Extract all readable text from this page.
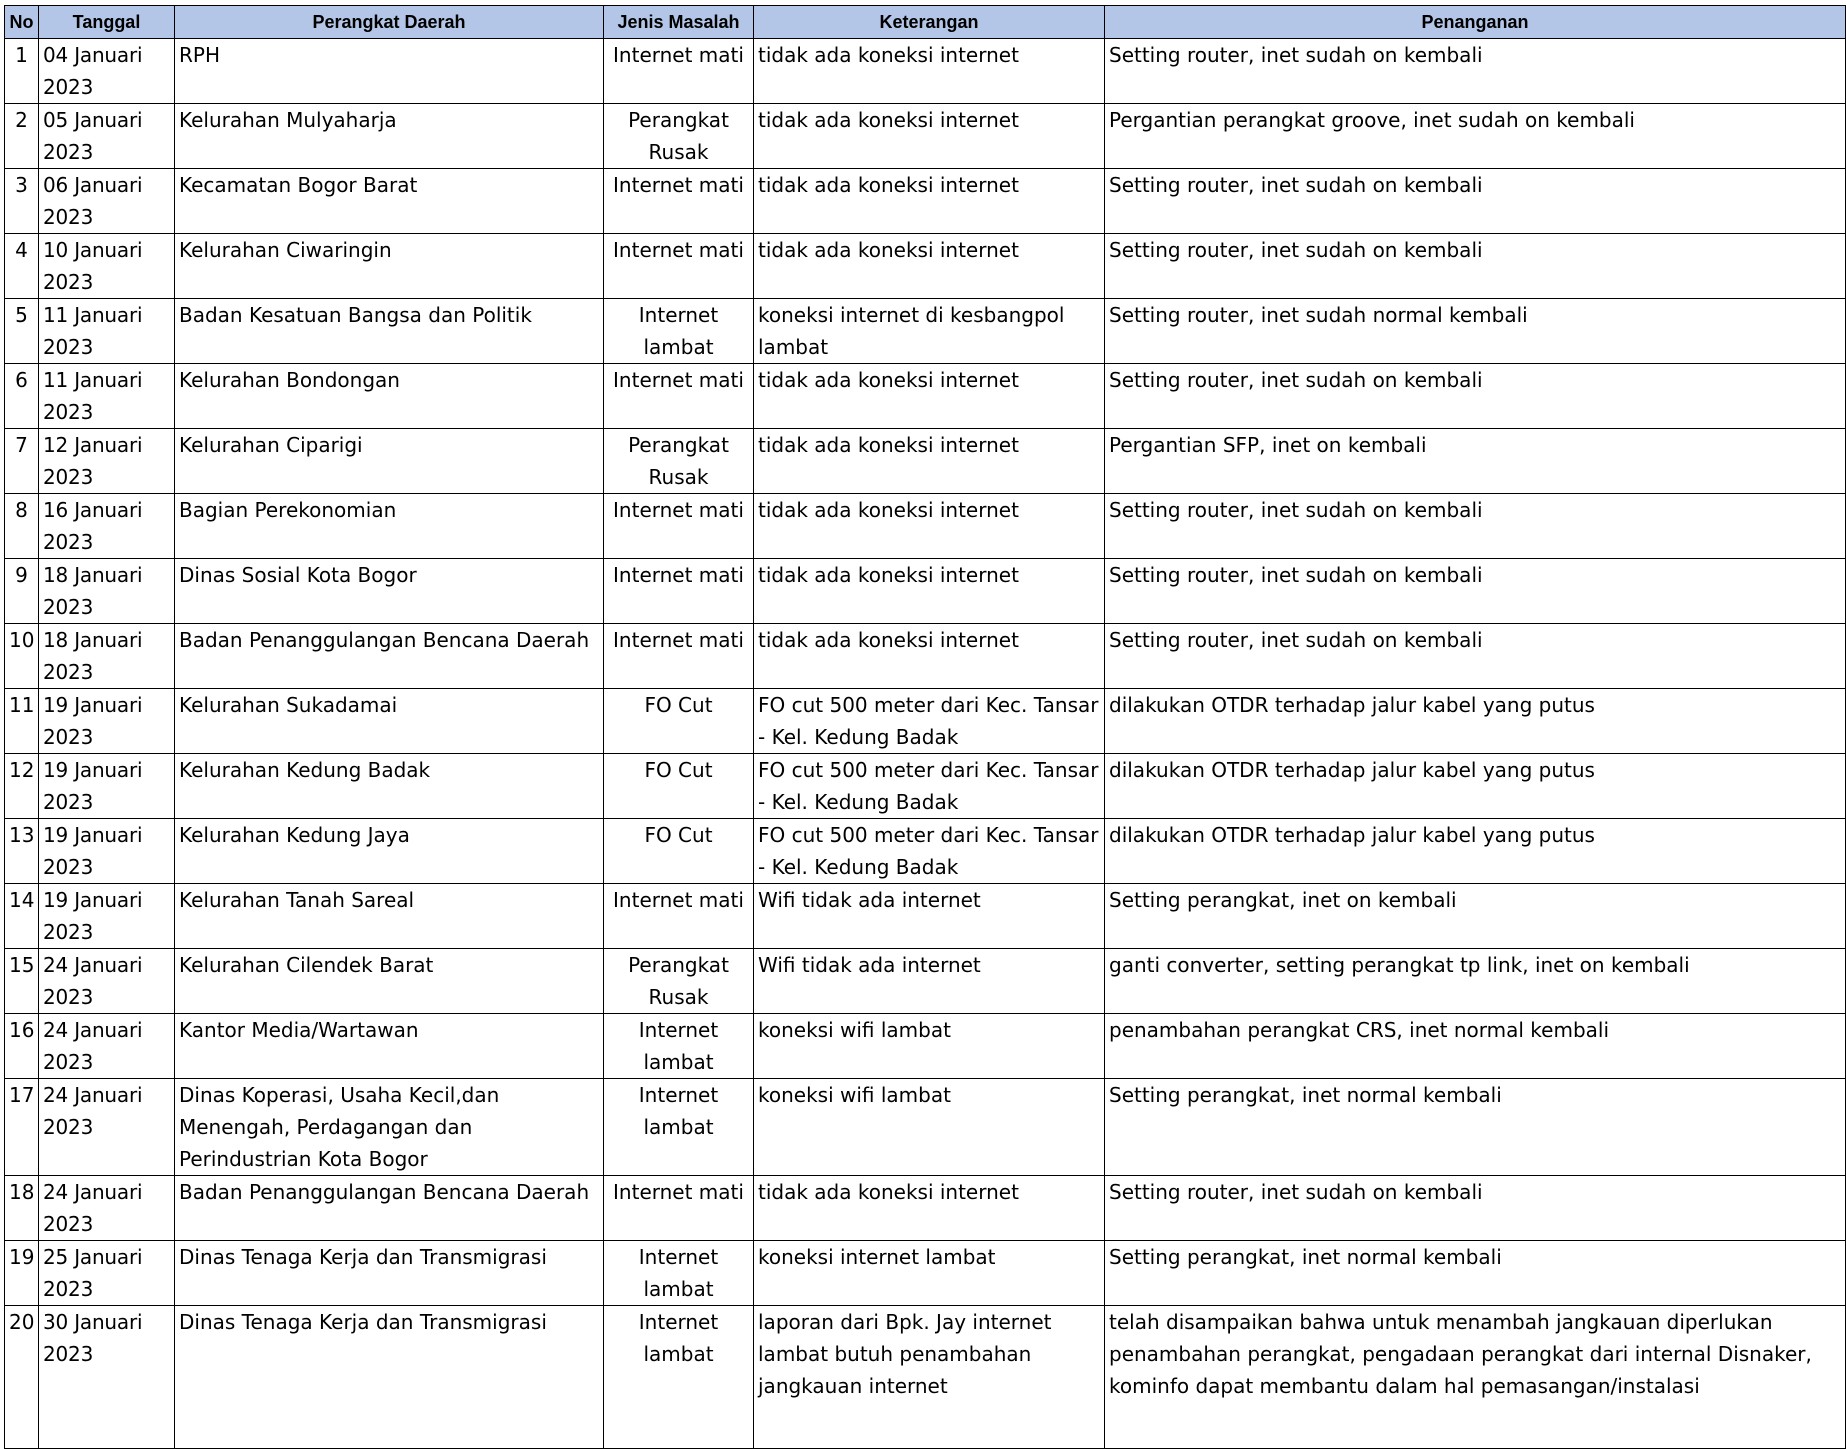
No	Tanggal	Perangkat Daerah	Jenis Masalah	Keterangan	Penanganan
1	04 Januari 2023	RPH	Internet mati	tidak ada koneksi internet	Setting router, inet sudah on kembali
2	05 Januari 2023	Kelurahan Mulyaharja	Perangkat Rusak	tidak ada koneksi internet	Pergantian perangkat groove, inet sudah on kembali
3	06 Januari 2023	Kecamatan Bogor Barat	Internet mati	tidak ada koneksi internet	Setting router, inet sudah on kembali
4	10 Januari 2023	Kelurahan Ciwaringin	Internet mati	tidak ada koneksi internet	Setting router, inet sudah on kembali
5	11 Januari 2023	Badan Kesatuan Bangsa dan Politik	Internet lambat	koneksi internet di kesbangpol lambat	Setting router, inet sudah normal kembali
6	11 Januari 2023	Kelurahan Bondongan	Internet mati	tidak ada koneksi internet	Setting router, inet sudah on kembali
7	12 Januari 2023	Kelurahan Ciparigi	Perangkat Rusak	tidak ada koneksi internet	Pergantian SFP, inet on kembali
8	16 Januari 2023	Bagian Perekonomian	Internet mati	tidak ada koneksi internet	Setting router, inet sudah on kembali
9	18 Januari 2023	Dinas Sosial Kota Bogor	Internet mati	tidak ada koneksi internet	Setting router, inet sudah on kembali
10	18 Januari 2023	Badan Penanggulangan Bencana Daerah	Internet mati	tidak ada koneksi internet	Setting router, inet sudah on kembali
11	19 Januari 2023	Kelurahan Sukadamai	FO Cut	FO cut 500 meter dari Kec. Tansar - Kel. Kedung Badak	dilakukan OTDR terhadap jalur kabel yang putus
12	19 Januari 2023	Kelurahan Kedung Badak	FO Cut	FO cut 500 meter dari Kec. Tansar - Kel. Kedung Badak	dilakukan OTDR terhadap jalur kabel yang putus
13	19 Januari 2023	Kelurahan Kedung Jaya	FO Cut	FO cut 500 meter dari Kec. Tansar - Kel. Kedung Badak	dilakukan OTDR terhadap jalur kabel yang putus
14	19 Januari 2023	Kelurahan Tanah Sareal	Internet mati	Wifi tidak ada internet	Setting perangkat, inet on kembali
15	24 Januari 2023	Kelurahan Cilendek Barat	Perangkat Rusak	Wifi tidak ada internet	ganti converter, setting perangkat tp link, inet on kembali
16	24 Januari 2023	Kantor Media/Wartawan	Internet lambat	koneksi wifi lambat	penambahan perangkat CRS, inet normal kembali
17	24 Januari 2023	Dinas Koperasi, Usaha Kecil,dan Menengah, Perdagangan dan Perindustrian Kota Bogor	Internet lambat	koneksi wifi lambat	Setting perangkat, inet normal kembali
18	24 Januari 2023	Badan Penanggulangan Bencana Daerah	Internet mati	tidak ada koneksi internet	Setting router, inet sudah on kembali
19	25 Januari 2023	Dinas Tenaga Kerja dan Transmigrasi	Internet lambat	koneksi internet lambat	Setting perangkat, inet normal kembali
20	30 Januari 2023	Dinas Tenaga Kerja dan Transmigrasi	Internet lambat	laporan dari Bpk. Jay internet lambat butuh penambahan jangkauan internet	telah disampaikan bahwa untuk menambah jangkauan diperlukan penambahan perangkat, pengadaan perangkat dari internal Disnaker, kominfo dapat membantu dalam hal pemasangan/instalasi
